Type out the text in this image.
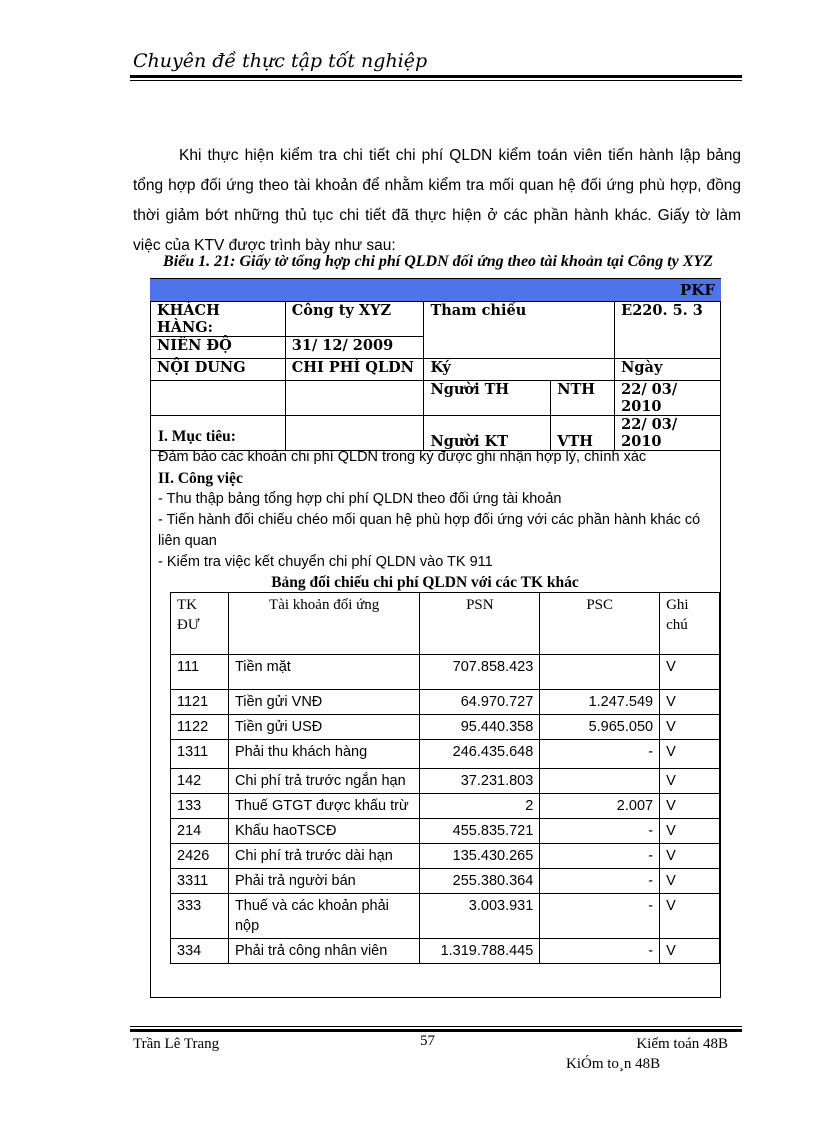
Chuyên đề thực tập tốt nghiệp
Khi thực hiện kiểm tra chi tiết chi phí QLDN kiểm toán viên tiến hành lập bảng tổng hợp đối ứng theo tài khoản để nhằm kiểm tra mối quan hệ đối ứng phù hợp, đồng thời giảm bớt những thủ tục chi tiết đã thực hiện ở các phần hành khác. Giấy tờ làm việc của KTV được trình bày như sau:
Biểu 1. 21: Giấy tờ tổng hợp chi phí QLDN đối ứng theo tài khoản tại Công ty XYZ
PKF
KHÁCH HÀNG:	Công ty XYZ	Tham chiếu		E220. 5. 3
NIÊN ĐỘ	31/ 12/ 2009			
NỘI DUNG	CHI PHÍ QLDN	Ký		Ngày
		Người TH	NTH	22/ 03/ 2010
		Người KT	VTH	22/ 03/ 2010
I. Mục tiêu:
Đảm bảo các khoản chi phí QLDN trong kỳ được ghi nhận hợp lý, chính xác
II. Công việc
- Thu thập bảng tổng hợp chi phí QLDN theo đối ứng tài khoản
- Tiến hành đối chiếu chéo mối quan hệ phù hợp đối ứng với các phần hành khác có liên quan
- Kiểm tra việc kết chuyển chi phí QLDN vào TK 911
Bảng đối chiếu chi phí QLDN với các TK khác
TK ĐƯ	Tài khoản đối ứng	PSN	PSC	Ghi chú
111	Tiền mặt	707.858.423		V
1121	Tiền gửi VNĐ	64.970.727	1.247.549	V
1122	Tiền gửi USĐ	95.440.358	5.965.050	V
1311	Phải thu khách hàng	246.435.648	-	V
142	Chi phí trả trước ngắn hạn	37.231.803		V
133	Thuế GTGT được khấu trừ	2	2.007	V
214	Khấu haoTSCĐ	455.835.721	-	V
2426	Chi phí trả trước dài hạn	135.430.265	-	V
3311	Phải trả người bán	255.380.364	-	V
333	Thuế và các khoản phải nộp	3.003.931	-	V
334	Phải trả công nhân viên	1.319.788.445	-	V
Trần Lê Trang	57	Kiểm toán 48B
KiÓm to¸n 48B
